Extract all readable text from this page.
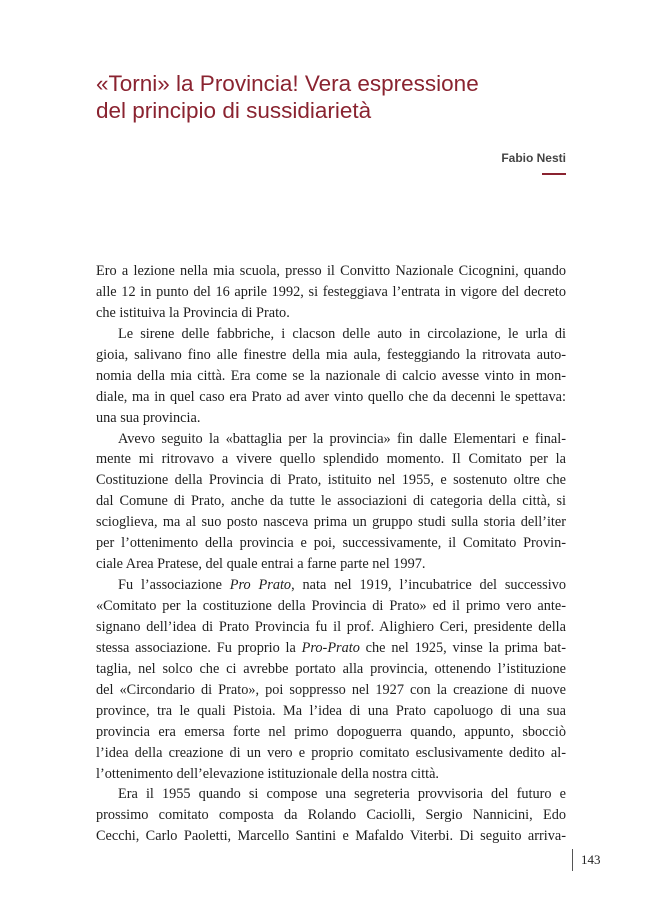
«Torni» la Provincia! Vera espressione
del principio di sussidiarietà
Fabio Nesti
Ero a lezione nella mia scuola, presso il Convitto Nazionale Cicognini, quando
alle 12 in punto del 16 aprile 1992, si festeggiava l’entrata in vigore del decreto
che istituiva la Provincia di Prato.
Le sirene delle fabbriche, i clacson delle auto in circolazione, le urla di
gioia, salivano fino alle finestre della mia aula, festeggiando la ritrovata auto-
nomia della mia città. Era come se la nazionale di calcio avesse vinto in mon-
diale, ma in quel caso era Prato ad aver vinto quello che da decenni le spettava:
una sua provincia.
Avevo seguito la «battaglia per la provincia» fin dalle Elementari e final-
mente mi ritrovavo a vivere quello splendido momento. Il Comitato per la
Costituzione della Provincia di Prato, istituito nel 1955, e sostenuto oltre che
dal Comune di Prato, anche da tutte le associazioni di categoria della città, si
scioglieva, ma al suo posto nasceva prima un gruppo studi sulla storia dell’iter
per l’ottenimento della provincia e poi, successivamente, il Comitato Provin-
ciale Area Pratese, del quale entrai a farne parte nel 1997.
Fu l’associazione Pro Prato, nata nel 1919, l’incubatrice del successivo
«Comitato per la costituzione della Provincia di Prato» ed il primo vero ante-
signano dell’idea di Prato Provincia fu il prof. Alighiero Ceri, presidente della
stessa associazione. Fu proprio la Pro-Prato che nel 1925, vinse la prima bat-
taglia, nel solco che ci avrebbe portato alla provincia, ottenendo l’istituzione
del «Circondario di Prato», poi soppresso nel 1927 con la creazione di nuove
province, tra le quali Pistoia. Ma l’idea di una Prato capoluogo di una sua
provincia era emersa forte nel primo dopoguerra quando, appunto, sbocciò
l’idea della creazione di un vero e proprio comitato esclusivamente dedito al-
l’ottenimento dell’elevazione istituzionale della nostra città.
Era il 1955 quando si compose una segreteria provvisoria del futuro e
prossimo comitato composta da Rolando Caciolli, Sergio Nannicini, Edo
Cecchi, Carlo Paoletti, Marcello Santini e Mafaldo Viterbi. Di seguito arriva-
143
